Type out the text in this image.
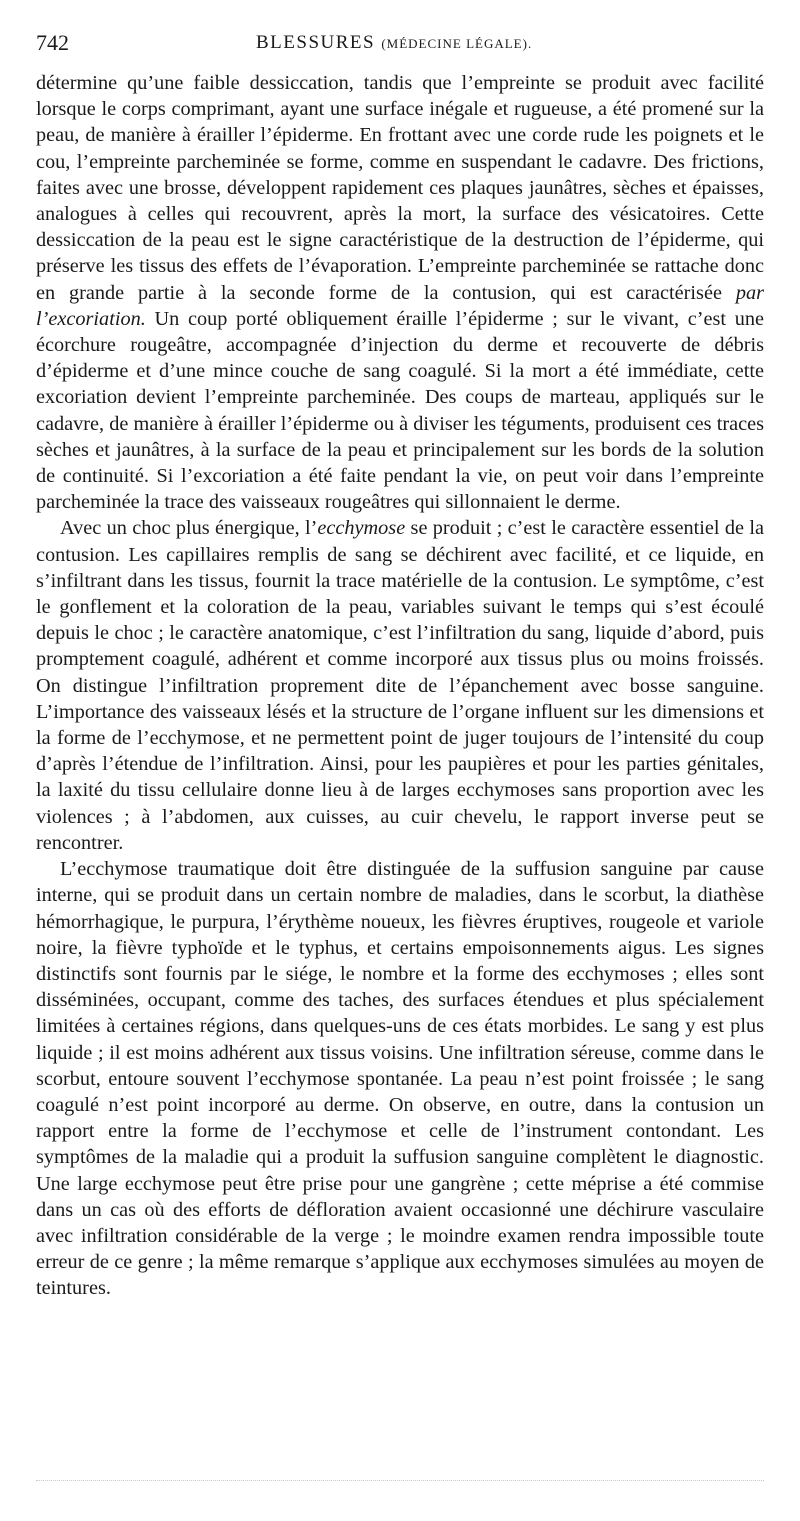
742	BLESSURES (MÉDECINE LÉGALE).

détermine qu’une faible dessiccation, tandis que l’empreinte se produit avec facilité lorsque le corps comprimant, ayant une surface inégale et rugueuse, a été promené sur la peau, de manière à érailler l’épiderme. En frottant avec une corde rude les poignets et le cou, l’empreinte parcheminée se forme, comme en suspendant le cadavre. Des frictions, faites avec une brosse, développent rapidement ces plaques jaunâtres, sèches et épaisses, analogues à celles qui recouvrent, après la mort, la surface des vésicatoires. Cette dessiccation de la peau est le signe caractéristique de la destruction de l’épiderme, qui préserve les tissus des effets de l’évaporation. L’empreinte parcheminée se rattache donc en grande partie à la seconde forme de la contusion, qui est caractérisée par l’excoriation. Un coup porté obliquement éraille l’épiderme ; sur le vivant, c’est une écorchure rougeâtre, accompagnée d’injection du derme et recouverte de débris d’épiderme et d’une mince couche de sang coagulé. Si la mort a été immédiate, cette excoriation devient l’empreinte parcheminée. Des coups de marteau, appliqués sur le cadavre, de manière à érailler l’épiderme ou à diviser les téguments, produisent ces traces sèches et jaunâtres, à la surface de la peau et principalement sur les bords de la solution de continuité. Si l’excoriation a été faite pendant la vie, on peut voir dans l’empreinte parcheminée la trace des vaisseaux rougeâtres qui sillonnaient le derme.

Avec un choc plus énergique, l’ecchymose se produit ; c’est le caractère essentiel de la contusion. Les capillaires remplis de sang se déchirent avec facilité, et ce liquide, en s’infiltrant dans les tissus, fournit la trace matérielle de la contusion. Le symptôme, c’est le gonflement et la coloration de la peau, variables suivant le temps qui s’est écoulé depuis le choc ; le caractère anatomique, c’est l’infiltration du sang, liquide d’abord, puis promptement coagulé, adhérent et comme incorporé aux tissus plus ou moins froissés. On distingue l’infiltration proprement dite de l’épanchement avec bosse sanguine. L’importance des vaisseaux lésés et la structure de l’organe influent sur les dimensions et la forme de l’ecchymose, et ne permettent point de juger toujours de l’intensité du coup d’après l’étendue de l’infiltration. Ainsi, pour les paupières et pour les parties génitales, la laxité du tissu cellulaire donne lieu à de larges ecchymoses sans proportion avec les violences ; à l’abdomen, aux cuisses, au cuir chevelu, le rapport inverse peut se rencontrer.

L’ecchymose traumatique doit être distinguée de la suffusion sanguine par cause interne, qui se produit dans un certain nombre de maladies, dans le scorbut, la diathèse hémorrhagique, le purpura, l’érythème noueux, les fièvres éruptives, rougeole et variole noire, la fièvre typhoïde et le typhus, et certains empoisonnements aigus. Les signes distinctifs sont fournis par le siége, le nombre et la forme des ecchymoses ; elles sont disséminées, occupant, comme des taches, des surfaces étendues et plus spécialement limitées à certaines régions, dans quelques-uns de ces états morbides. Le sang y est plus liquide ; il est moins adhérent aux tissus voisins. Une infiltration séreuse, comme dans le scorbut, entoure souvent l’ecchymose spontanée. La peau n’est point froissée ; le sang coagulé n’est point incorporé au derme. On observe, en outre, dans la contusion un rapport entre la forme de l’ecchymose et celle de l’instrument contondant. Les symptômes de la maladie qui a produit la suffusion sanguine complètent le diagnostic. Une large ecchymose peut être prise pour une gangrène ; cette méprise a été commise dans un cas où des efforts de défloration avaient occasionné une déchirure vasculaire avec infiltration considérable de la verge ; le moindre examen rendra impossible toute erreur de ce genre ; la même remarque s’applique aux ecchymoses simulées au moyen de teintures.
